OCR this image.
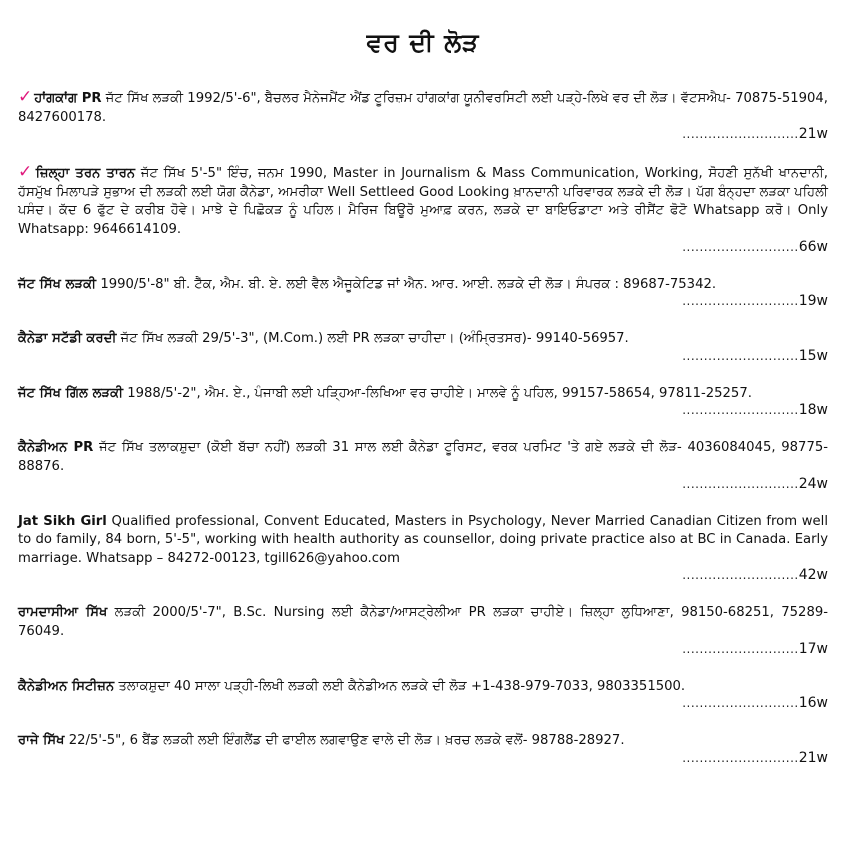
ਵਰ ਦੀ ਲੋੜ
✓ ਹਾਂਗਕਾਂਗ PR ਜੱਟ ਸਿੱਖ ਲੜਕੀ 1992/5'-6", ਬੈਚਲਰ ਮੈਨੇਜਮੈਂਟ ਐਂਡ ਟੂਰਿਜ਼ਮ ਹਾਂਗਕਾਂਗ ਯੂਨੀਵਰਸਿਟੀ ਲਈ ਪੜ੍ਹੇ-ਲਿਖੇ ਵਰ ਦੀ ਲੋੜ। ਵੱਟਸਐਪ- 70875-51904, 8427600178.
........................... 21w
✓ ਜ਼ਿਲ੍ਹਾ ਤਰਨ ਤਾਰਨ ਜੱਟ ਸਿੱਖ 5'-5" ਇੰਚ, ਜਨਮ 1990, Master in Journalism & Mass Communication, Working, ਸੋਹਣੀ ਸੁਨੱਖੀ ਖਾਨਦਾਨੀ, ਹੱਸਮੁੱਖ ਮਿਲਾਪੜੇ ਸੁਭਾਅ ਦੀ ਲੜਕੀ ਲਈ ਯੋਗ ਕੈਨੇਡਾ, ਅਮਰੀਕਾ Well Settleed Good Looking ਖ਼ਾਨਦਾਨੀ ਪਰਿਵਾਰਕ ਲੜਕੇ ਦੀ ਲੋੜ। ਪੱਗ ਬੰਨ੍ਹਦਾ ਲੜਕਾ ਪਹਿਲੀ ਪਸੰਦ। ਕੱਦ 6 ਫੁੱਟ ਦੇ ਕਰੀਬ ਹੋਵੇ। ਮਾਝੇ ਦੇ ਪਿਛੋਕੜ ਨੂੰ ਪਹਿਲ। ਮੈਰਿਜ ਬਿਊਰੋ ਮੁਆਫ਼ ਕਰਨ, ਲੜਕੇ ਦਾ ਬਾਇਓਡਾਟਾ ਅਤੇ ਰੀਸੈਂਟ ਫੋਟੋ Whatsapp ਕਰੋ। Only Whatsapp: 9646614109.
........................... 66w
ਜੱਟ ਸਿੱਖ ਲੜਕੀ 1990/5'-8" ਬੀ. ਟੈੱਕ, ਐਮ. ਬੀ. ਏ. ਲਈ ਵੈਲ ਐਜੂਕੇਟਿਡ ਜਾਂ ਐਨ. ਆਰ. ਆਈ. ਲੜਕੇ ਦੀ ਲੋੜ। ਸੰਪਰਕ : 89687-75342.
........................... 19w
ਕੈਨੇਡਾ ਸਟੱਡੀ ਕਰਦੀ ਜੱਟ ਸਿੱਖ ਲੜਕੀ 29/5'-3", (M.Com.) ਲਈ PR ਲੜਕਾ ਚਾਹੀਦਾ। (ਅੰਮ੍ਰਿਤਸਰ)- 99140-56957.
........................... 15w
ਜੱਟ ਸਿੱਖ ਗਿੱਲ ਲੜਕੀ 1988/5'-2", ਐਮ. ਏ., ਪੰਜਾਬੀ ਲਈ ਪੜ੍ਹਿਆ-ਲਿਖਿਆ ਵਰ ਚਾਹੀਏ। ਮਾਲਵੇ ਨੂੰ ਪਹਿਲ, 99157-58654, 97811-25257.
........................... 18w
ਕੈਨੇਡੀਅਨ PR ਜੱਟ ਸਿੱਖ ਤਲਾਕਸ਼ੁਦਾ (ਕੋਈ ਬੱਚਾ ਨਹੀਂ) ਲੜਕੀ 31 ਸਾਲ ਲਈ ਕੈਨੇਡਾ ਟੂਰਿਸਟ, ਵਰਕ ਪਰਮਿਟ 'ਤੇ ਗਏ ਲੜਕੇ ਦੀ ਲੋੜ- 4036084045, 98775-88876.
........................... 24w
Jat Sikh Girl Qualified professional, Convent Educated, Masters in Psychology, Never Married Canadian Citizen from well to do family, 84 born, 5'-5", working with health authority as counsellor, doing private practice also at BC in Canada. Early marriage. Whatsapp – 84272-00123, tgill626@yahoo.com
........................... 42w
ਰਾਮਦਾਸੀਆ ਸਿੱਖ ਲੜਕੀ 2000/5'-7", B.Sc. Nursing ਲਈ ਕੈਨੇਡਾ/ਆਸਟ੍ਰੇਲੀਆ PR ਲੜਕਾ ਚਾਹੀਏ। ਜ਼ਿਲ੍ਹਾ ਲੁਧਿਆਣਾ, 98150-68251, 75289-76049.
........................... 17w
ਕੈਨੇਡੀਅਨ ਸਿਟੀਜ਼ਨ ਤਲਾਕਸ਼ੁਦਾ 40 ਸਾਲਾ ਪੜ੍ਹੀ-ਲਿਖੀ ਲੜਕੀ ਲਈ ਕੈਨੇਡੀਅਨ ਲੜਕੇ ਦੀ ਲੋੜ +1-438-979-7033, 9803351500.
........................... 16w
ਰਾਜੇ ਸਿੱਖ 22/5'-5", 6 ਬੈਂਡ ਲੜਕੀ ਲਈ ਇੰਗਲੈਂਡ ਦੀ ਫਾਈਲ ਲਗਵਾਉਣ ਵਾਲੇ ਦੀ ਲੋੜ। ਖ਼ਰਚ ਲੜਕੇ ਵਲੋਂ- 98788-28927.
........................... 21w
